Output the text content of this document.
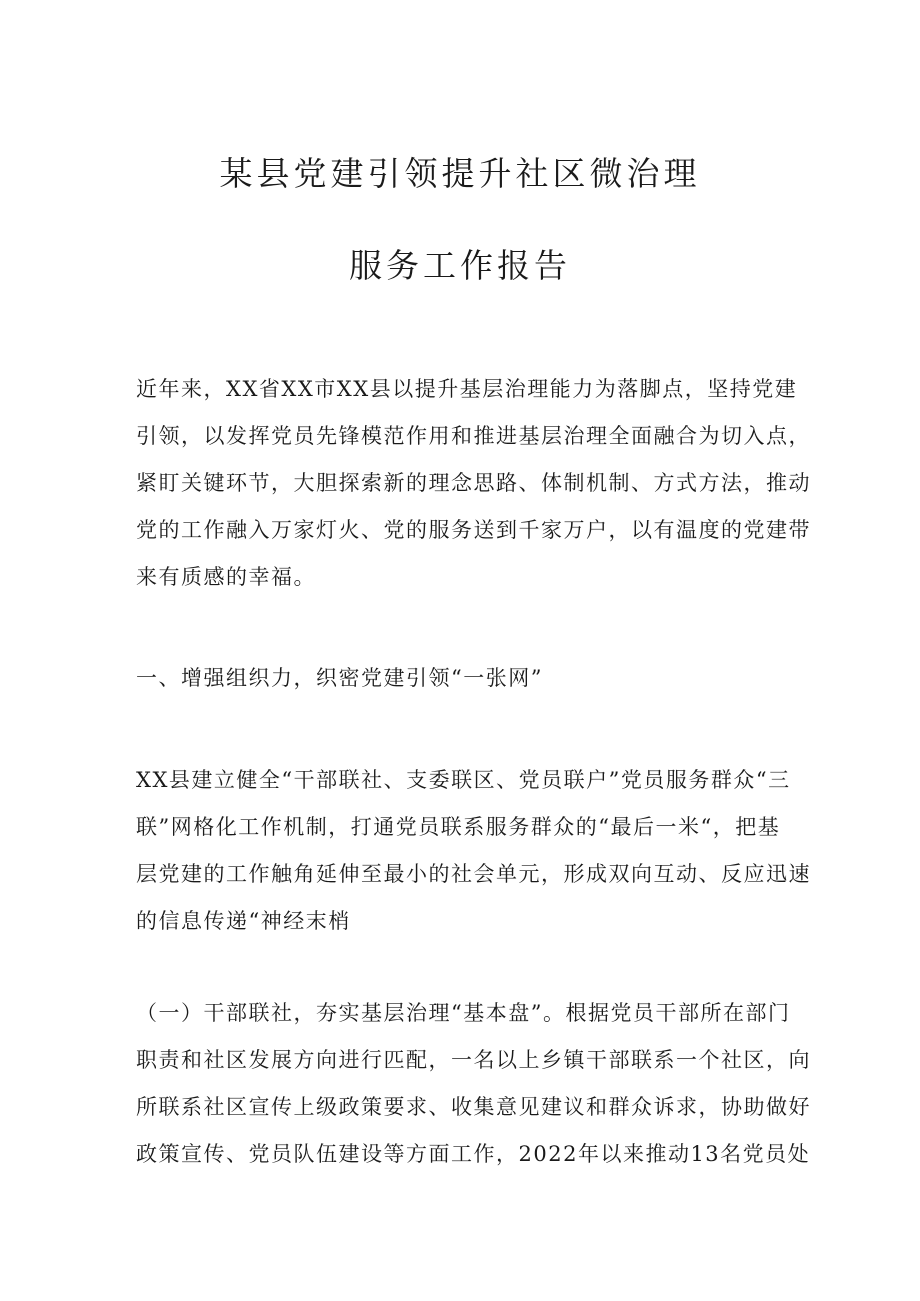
某县党建引领提升社区微治理
服务工作报告
近年来，XX省XX市XX县以提升基层治理能力为落脚点，坚持党建
引领，以发挥党员先锋模范作用和推进基层治理全面融合为切入点，
紧盯关键环节，大胆探索新的理念思路、体制机制、方式方法，推动
党的工作融入万家灯火、党的服务送到千家万户，以有温度的党建带
来有质感的幸福。
一、增强组织力，织密党建引领“一张网”
XX县建立健全“干部联社、支委联区、党员联户”党员服务群众“三
联”网格化工作机制，打通党员联系服务群众的“最后一米“，把基
层党建的工作触角延伸至最小的社会单元，形成双向互动、反应迅速
的信息传递“神经末梢
（一）干部联社，夯实基层治理“基本盘”。根据党员干部所在部门
职责和社区发展方向进行匹配，一名以上乡镇干部联系一个社区，向
所联系社区宣传上级政策要求、收集意见建议和群众诉求，协助做好
政策宣传、党员队伍建设等方面工作，2022年以来推动13名党员处
